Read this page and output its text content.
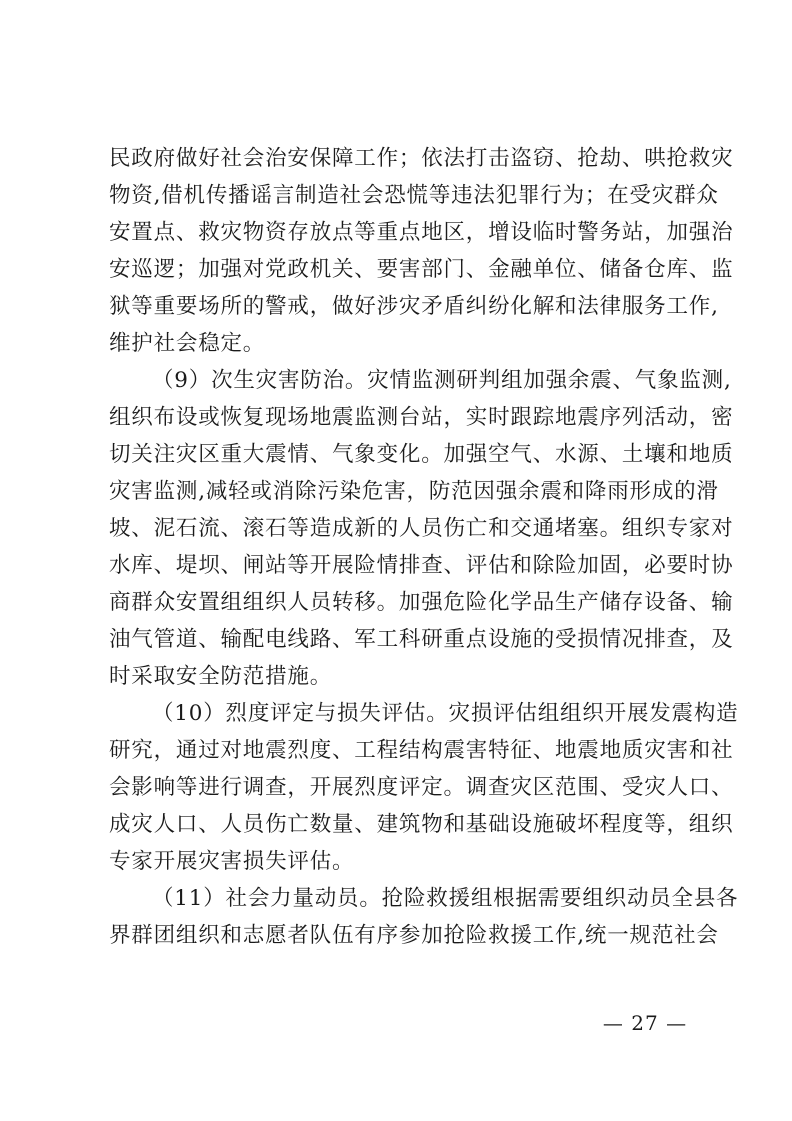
民政府做好社会治安保障工作；依法打击盗窃、抢劫、哄抢救灾
物资,借机传播谣言制造社会恐慌等违法犯罪行为；在受灾群众
安置点、救灾物资存放点等重点地区，增设临时警务站，加强治
安巡逻；加强对党政机关、要害部门、金融单位、储备仓库、监
狱等重要场所的警戒，做好涉灾矛盾纠纷化解和法律服务工作,
维护社会稳定。
（9）次生灾害防治。灾情监测研判组加强余震、气象监测,
组织布设或恢复现场地震监测台站，实时跟踪地震序列活动，密
切关注灾区重大震情、气象变化。加强空气、水源、土壤和地质
灾害监测,减轻或消除污染危害，防范因强余震和降雨形成的滑
坡、泥石流、滚石等造成新的人员伤亡和交通堵塞。组织专家对
水库、堤坝、闸站等开展险情排查、评估和除险加固，必要时协
商群众安置组组织人员转移。加强危险化学品生产储存设备、输
油气管道、输配电线路、军工科研重点设施的受损情况排查，及
时采取安全防范措施。
（10）烈度评定与损失评估。灾损评估组组织开展发震构造
研究，通过对地震烈度、工程结构震害特征、地震地质灾害和社
会影响等进行调查，开展烈度评定。调查灾区范围、受灾人口、
成灾人口、人员伤亡数量、建筑物和基础设施破坏程度等，组织
专家开展灾害损失评估。
（11）社会力量动员。抢险救援组根据需要组织动员全县各
界群团组织和志愿者队伍有序参加抢险救援工作,统一规范社会
— 27 —
